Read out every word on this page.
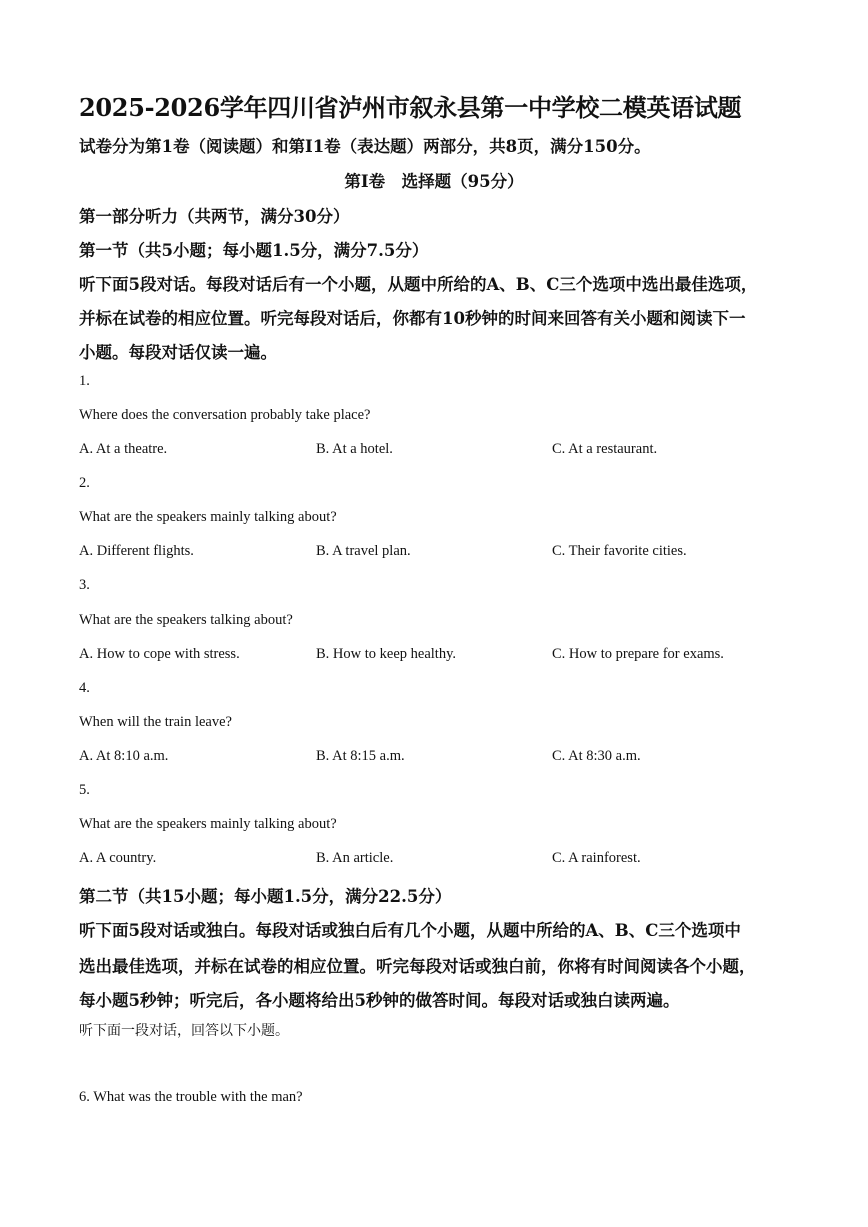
2025-2026学年四川省泸州市叙永县第一中学校二模英语试题
试卷分为第1卷（阅读题）和第I1卷（表达题）两部分，共8页，满分150分。
第I卷　选择题（95分）
第一部分听力（共两节，满分30分）
第一节（共5小题；每小题1.5分，满分7.5分）
听下面5段对话。每段对话后有一个小题，从题中所给的A、B、C三个选项中选出最佳选项，
并标在试卷的相应位置。听完每段对话后，你都有10秒钟的时间来回答有关小题和阅读下一
小题。每段对话仅读一遍。
1.
Where does the conversation probably take place?
A. At a theatre.	B. At a hotel.	C. At a restaurant.
2.
What are the speakers mainly talking about?
A. Different flights.	B. A travel plan.	C. Their favorite cities.
3.
What are the speakers talking about?
A. How to cope with stress.	B. How to keep healthy.	C. How to prepare for exams.
4.
When will the train leave?
A. At 8:10 a.m.	B. At 8:15 a.m.	C. At 8:30 a.m.
5.
What are the speakers mainly talking about?
A. A country.	B. An article.	C. A rainforest.
第二节（共15小题；每小题1.5分，满分22.5分）
听下面5段对话或独白。每段对话或独白后有几个小题，从题中所给的A、B、C三个选项中
选出最佳选项，并标在试卷的相应位置。听完每段对话或独白前，你将有时间阅读各个小题，
每小题5秒钟；听完后，各小题将给出5秒钟的做答时间。每段对话或独白读两遍。
听下面一段对话，回答以下小题。
6. What was the trouble with the man?
